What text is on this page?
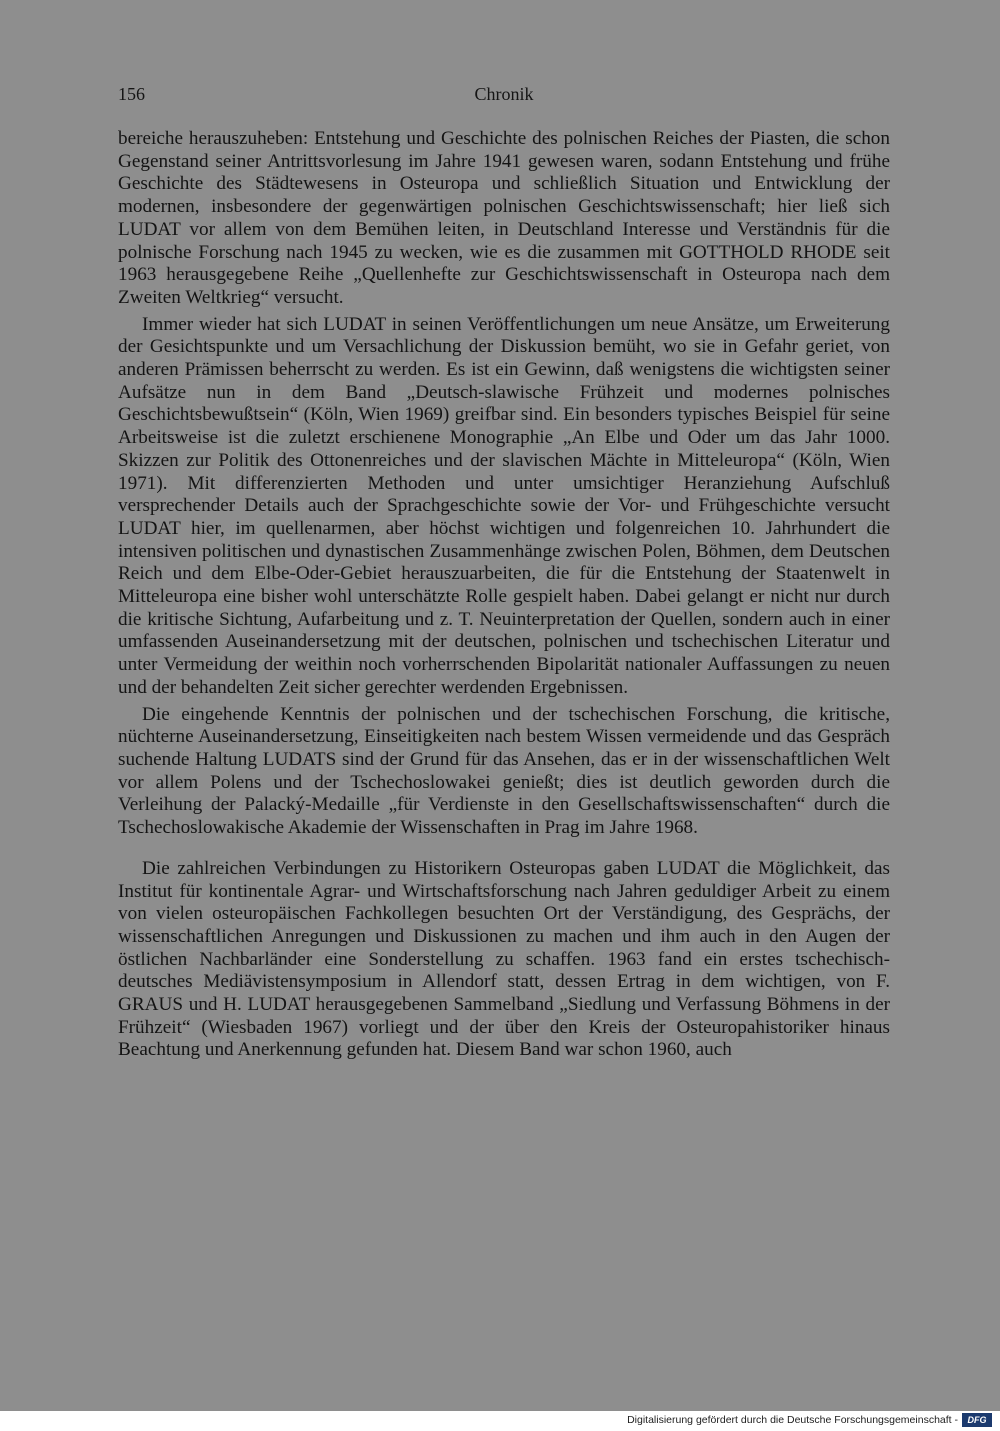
156	Chronik

bereiche herauszuheben: Entstehung und Geschichte des polnischen Reiches der Piasten, die schon Gegenstand seiner Antrittsvorlesung im Jahre 1941 gewesen waren, sodann Entstehung und frühe Geschichte des Städtewesens in Osteuropa und schließlich Situation und Entwicklung der modernen, insbesondere der gegenwärtigen polnischen Geschichtswissenschaft; hier ließ sich LUDAT vor allem von dem Bemühen leiten, in Deutschland Interesse und Verständnis für die polnische Forschung nach 1945 zu wecken, wie es die zusammen mit GOTTHOLD RHODE seit 1963 herausgegebene Reihe „Quellenhefte zur Geschichtswissenschaft in Osteuropa nach dem Zweiten Weltkrieg“ versucht.

Immer wieder hat sich LUDAT in seinen Veröffentlichungen um neue Ansätze, um Erweiterung der Gesichtspunkte und um Versachlichung der Diskussion bemüht, wo sie in Gefahr geriet, von anderen Prämissen beherrscht zu werden. Es ist ein Gewinn, daß wenigstens die wichtigsten seiner Aufsätze nun in dem Band „Deutsch-slawische Frühzeit und modernes polnisches Geschichtsbewußtsein“ (Köln, Wien 1969) greifbar sind. Ein besonders typisches Beispiel für seine Arbeitsweise ist die zuletzt erschienene Monographie „An Elbe und Oder um das Jahr 1000. Skizzen zur Politik des Ottonenreiches und der slavischen Mächte in Mitteleuropa“ (Köln, Wien 1971). Mit differenzierten Methoden und unter umsichtiger Heranziehung Aufschluß versprechender Details auch der Sprachgeschichte sowie der Vor- und Frühgeschichte versucht LUDAT hier, im quellenarmen, aber höchst wichtigen und folgenreichen 10. Jahrhundert die intensiven politischen und dynastischen Zusammenhänge zwischen Polen, Böhmen, dem Deutschen Reich und dem Elbe-Oder-Gebiet herauszuarbeiten, die für die Entstehung der Staatenwelt in Mitteleuropa eine bisher wohl unterschätzte Rolle gespielt haben. Dabei gelangt er nicht nur durch die kritische Sichtung, Aufarbeitung und z. T. Neuinterpretation der Quellen, sondern auch in einer umfassenden Auseinandersetzung mit der deutschen, polnischen und tschechischen Literatur und unter Vermeidung der weithin noch vorherrschenden Bipolarität nationaler Auffassungen zu neuen und der behandelten Zeit sicher gerechter werdenden Ergebnissen.

Die eingehende Kenntnis der polnischen und der tschechischen Forschung, die kritische, nüchterne Auseinandersetzung, Einseitigkeiten nach bestem Wissen vermeidende und das Gespräch suchende Haltung LUDATS sind der Grund für das Ansehen, das er in der wissenschaftlichen Welt vor allem Polens und der Tschechoslowakei genießt; dies ist deutlich geworden durch die Verleihung der Palacký-Medaille „für Verdienste in den Gesellschaftswissenschaften“ durch die Tschechoslowakische Akademie der Wissenschaften in Prag im Jahre 1968.

Die zahlreichen Verbindungen zu Historikern Osteuropas gaben LUDAT die Möglichkeit, das Institut für kontinentale Agrar- und Wirtschaftsforschung nach Jahren geduldiger Arbeit zu einem von vielen osteuropäischen Fachkollegen besuchten Ort der Verständigung, des Gesprächs, der wissenschaftlichen Anregungen und Diskussionen zu machen und ihm auch in den Augen der östlichen Nachbarländer eine Sonderstellung zu schaffen. 1963 fand ein erstes tschechisch-deutsches Mediävistensymposium in Allendorf statt, dessen Ertrag in dem wichtigen, von F. GRAUS und H. LUDAT herausgegebenen Sammelband „Siedlung und Verfassung Böhmens in der Frühzeit“ (Wiesbaden 1967) vorliegt und der über den Kreis der Osteuropahistoriker hinaus Beachtung und Anerkennung gefunden hat. Diesem Band war schon 1960, auch

Digitalisierung gefördert durch die Deutsche Forschungsgemeinschaft -	DFG
